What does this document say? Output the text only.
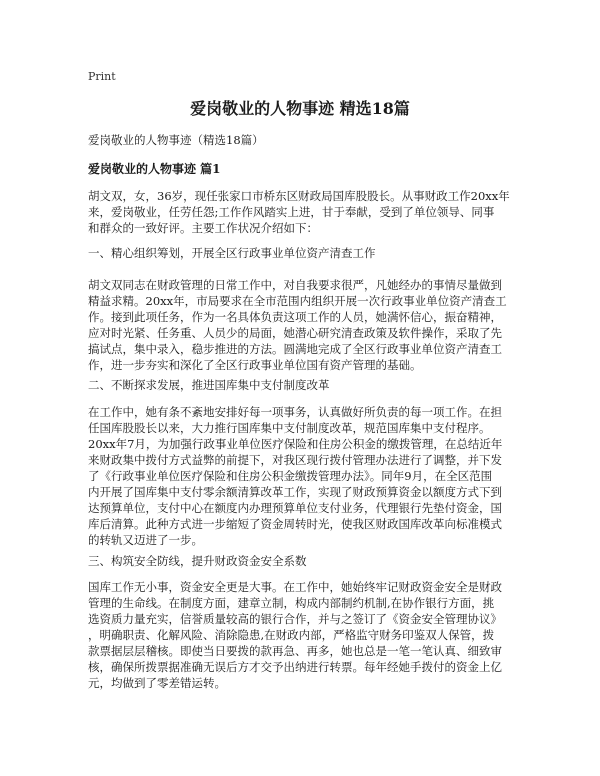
Print
爱岗敬业的人物事迹 精选18篇
爱岗敬业的人物事迹（精选18篇）
爱岗敬业的人物事迹 篇1
胡文双，女，36岁，现任张家口市桥东区财政局国库股股长。从事财政工作20xx年
来，爱岗敬业，任劳任怨;工作作风踏实上进，甘于奉献，受到了单位领导、同事
和群众的一致好评。主要工作状况介绍如下：
一、精心组织筹划，开展全区行政事业单位资产清查工作
胡文双同志在财政管理的日常工作中，对自我要求很严，凡她经办的事情尽量做到
精益求精。20xx年，市局要求在全市范围内组织开展一次行政事业单位资产清查工
作。接到此项任务，作为一名具体负责这项工作的人员，她满怀信心，振奋精神，
应对时光紧、任务重、人员少的局面，她潜心研究清查政策及软件操作，采取了先
搞试点，集中录入，稳步推进的方法。圆满地完成了全区行政事业单位资产清查工
作，进一步夯实和深化了全区行政事业单位国有资产管理的基础。
二、不断探求发展，推进国库集中支付制度改革
在工作中，她有条不紊地安排好每一项事务，认真做好所负责的每一项工作。在担
任国库股股长以来，大力推行国库集中支付制度改革，规范国库集中支付程序。
20xx年7月，为加强行政事业单位医疗保险和住房公积金的缴拨管理，在总结近年
来财政集中拨付方式益弊的前提下，对我区现行拨付管理办法进行了调整，并下发
了《行政事业单位医疗保险和住房公积金缴拨管理办法》。同年9月，在全区范围
内开展了国库集中支付零余额清算改革工作，实现了财政预算资金以额度方式下到
达预算单位，支付中心在额度内办理预算单位支付业务，代理银行先垫付资金，国
库后清算。此种方式进一步缩短了资金周转时光，使我区财政国库改革向标准模式
的转轨又迈进了一步。
三、构筑安全防线，提升财政资金安全系数
国库工作无小事，资金安全更是大事。在工作中，她始终牢记财政资金安全是财政
管理的生命线。在制度方面，建章立制，构成内部制约机制,在协作银行方面，挑
选资质力量充实，信誉质量较高的银行合作，并与之签订了《资金安全管理协议》
，明确职责、化解风险、消除隐患,在财政内部，严格监守财务印鉴双人保管，拨
款票据层层稽核。即使当日要拨的款再急、再多，她也总是一笔一笔认真、细致审
核，确保所拨票据准确无误后方才交予出纳进行转票。每年经她手拨付的资金上亿
元，均做到了零差错运转。
